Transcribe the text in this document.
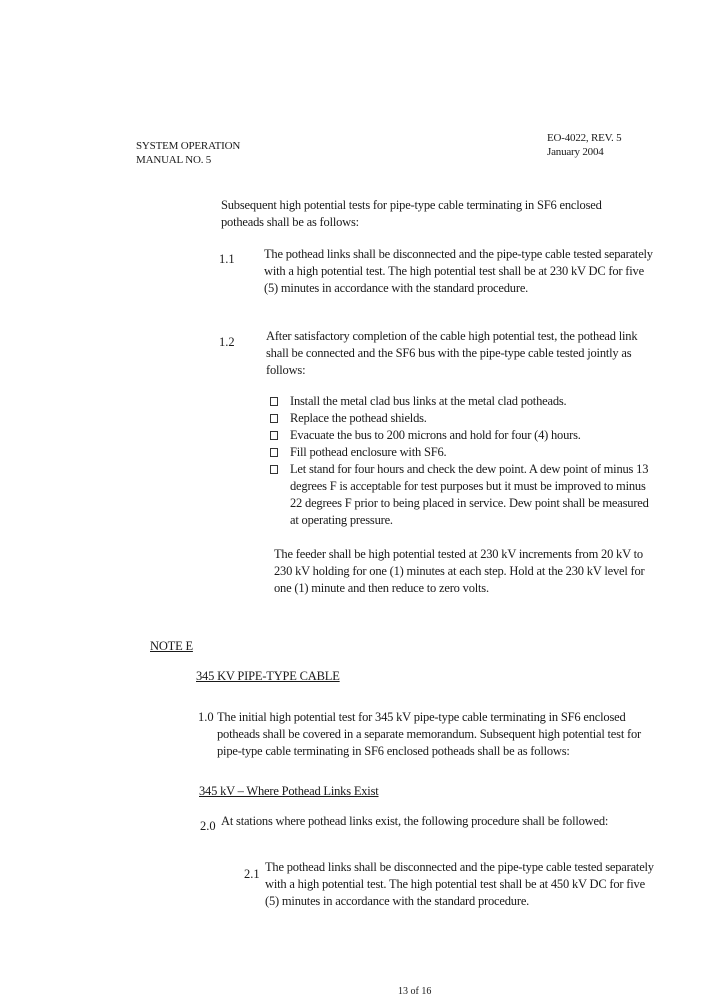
SYSTEM OPERATION
MANUAL NO. 5
EO-4022, REV. 5
January 2004
Subsequent high potential tests for pipe-type cable terminating in SF6 enclosed potheads shall be as follows:
1.1 The pothead links shall be disconnected and the pipe-type cable tested separately with a high potential test. The high potential test shall be at 230 kV DC for five (5) minutes in accordance with the standard procedure.
1.2	After satisfactory completion of the cable high potential test, the pothead link shall be connected and the SF6 bus with the pipe-type cable tested jointly as follows:
Install the metal clad bus links at the metal clad potheads.
Replace the pothead shields.
Evacuate the bus to 200 microns and hold for four (4) hours.
Fill pothead enclosure with SF6.
Let stand for four hours and check the dew point. A dew point of minus 13 degrees F is acceptable for test purposes but it must be improved to minus 22 degrees F prior to being placed in service. Dew point shall be measured at operating pressure.
The feeder shall be high potential tested at 230 kV increments from 20 kV to 230 kV holding for one (1) minutes at each step. Hold at the 230 kV level for one (1) minute and then reduce to zero volts.
NOTE E
345 KV PIPE-TYPE CABLE
1.0 The initial high potential test for 345 kV pipe-type cable terminating in SF6 enclosed potheads shall be covered in a separate memorandum. Subsequent high potential test for pipe-type cable terminating in SF6 enclosed potheads shall be as follows:
345 kV – Where Pothead Links Exist
2.0 At stations where pothead links exist, the following procedure shall be followed:
2.1 The pothead links shall be disconnected and the pipe-type cable tested separately with a high potential test. The high potential test shall be at 450 kV DC for five (5) minutes in accordance with the standard procedure.
13 of 16
